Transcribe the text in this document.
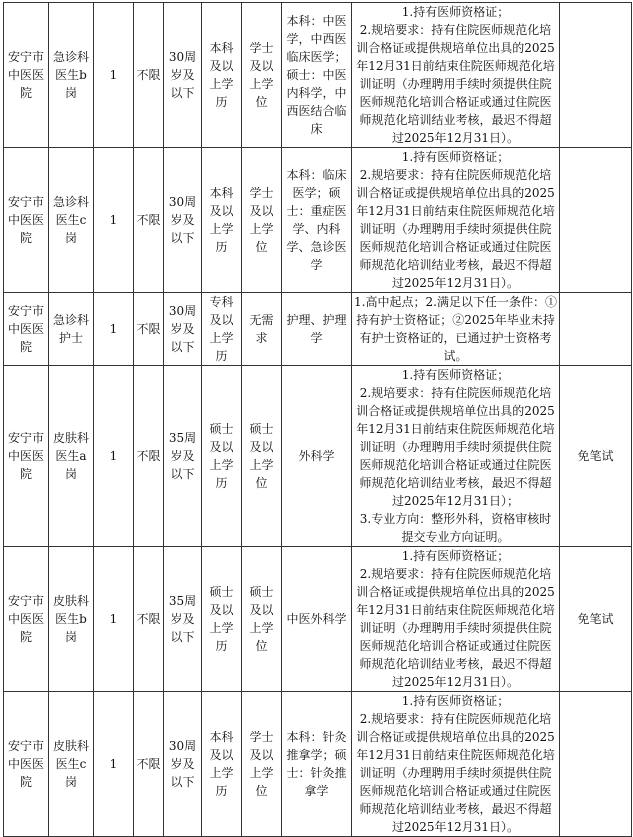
安宁市中医医院	急诊科医生b岗	1	不限	30周岁及以下	本科及以上学历	学士及以上学位	本科：中医学，中西医临床医学；硕士：中医内科学，中西医结合临床	1.持有医师资格证；
2.规培要求：持有住院医师规范化培训合格证或提供规培单位出具的2025年12月31日前结束住院医师规范化培训证明（办理聘用手续时须提供住院医师规范化培训合格证或通过住院医师规范化培训结业考核，最迟不得超过2025年12月31日）。	

安宁市中医医院	急诊科医生c岗	1	不限	30周岁及以下	本科及以上学历	学士及以上学位	本科：临床医学；硕士：重症医学、内科学、急诊医学	1.持有医师资格证；
2.规培要求：持有住院医师规范化培训合格证或提供规培单位出具的2025年12月31日前结束住院医师规范化培训证明（办理聘用手续时须提供住院医师规范化培训合格证或通过住院医师规范化培训结业考核，最迟不得超过2025年12月31日）。	

安宁市中医医院	急诊科护士	1	不限	30周岁及以下	专科及以上学历	无需求	护理、护理学	1.高中起点；2.满足以下任一条件：①持有护士资格证；②2025年毕业未持有护士资格证的，已通过护士资格考试。	

安宁市中医医院	皮肤科医生a岗	1	不限	35周岁及以下	硕士及以上学历	硕士及以上学位	外科学	1.持有医师资格证；
2.规培要求：持有住院医师规范化培训合格证或提供规培单位出具的2025年12月31日前结束住院医师规范化培训证明（办理聘用手续时须提供住院医师规范化培训合格证或通过住院医师规范化培训结业考核，最迟不得超过2025年12月31日）；
3.专业方向：整形外科，资格审核时提交专业方向证明。	免笔试
安宁市中医医院	皮肤科医生b岗	1	不限	35周岁及以下	硕士及以上学历	硕士及以上学位	中医外科学	1.持有医师资格证；
2.规培要求：持有住院医师规范化培训合格证或提供规培单位出具的2025年12月31日前结束住院医师规范化培训证明（办理聘用手续时须提供住院医师规范化培训合格证或通过住院医师规范化培训结业考核，最迟不得超过2025年12月31日）。	免笔试
安宁市中医医院	皮肤科 医生c岗	1	不限	30周岁及以下	本科及以上学历	学士及以上学位	本科：针灸推拿学；硕士：针灸推拿学	1.持有医师资格证；
2.规培要求：持有住院医师规范化培训合格证或提供规培单位出具的2025年12月31日前结束住院医师规范化培训证明（办理聘用手续时须提供住院医师规范化培训合格证或通过住院医师规范化培训结业考核，最迟不得超过2025年12月31日）。	
